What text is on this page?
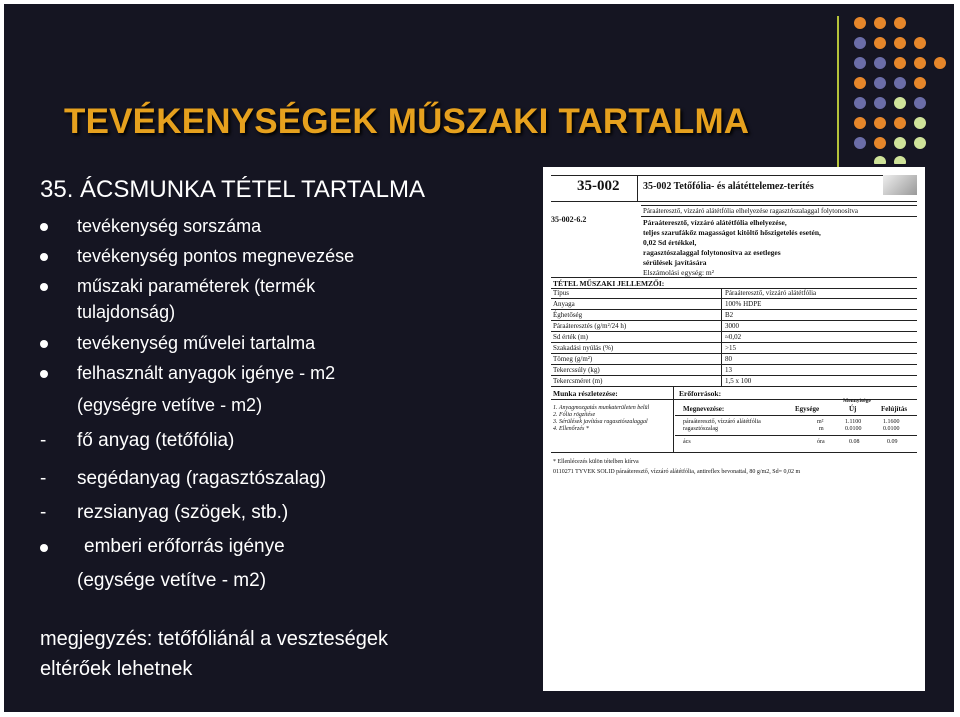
TEVÉKENYSÉGEK MŰSZAKI TARTALMA
35. ÁCSMUNKA TÉTEL TARTALMA
tevékenység sorszáma
tevékenység pontos megnevezése
műszaki paraméterek (termék
tulajdonság)
tevékenység művelei tartalma
felhasznált anyagok igénye - m2
(egységre vetítve - m2)
- fő anyag (tetőfólia)
- segédanyag (ragasztószalag)
- rezsianyag (szögek, stb.)
emberi erőforrás igénye
(egysége vetítve - m2)
megjegyzés: tetőfóliánál a veszteségek
eltérőek lehetnek
35-002 35-002 Tetőfólia- és alátéttelemez-terítés
35-002-6.2
Páraáteresztő, vízzáró alátétfólia elhelyezése ragasztószalaggal folytonosítva
Páraáteresztő, vízzáró alátétfólia elhelyezése,
teljes szarufákőz magasságot kitöltő hőszigetelés esetén,
0,02 Sd értékkel,
ragasztószalaggal folytonosítva az esetleges
sérülések javítására
Elszámolási egység: m²
TÉTEL MŰSZAKI JELLEMZŐI:
Típus	Páraáteresztő, vízzáró alátétfólia
Anyaga	100% HDPE
Éghetőség	B2
Páraáteresztés (g/m²/24 h)	3000
Sd érték (m)	≈0,02
Szakadási nyúlás (%)	>15
Tömeg (g/m²)	80
Tekercssúly (kg)	13
Tekercsméret (m)	1,5 x 100
Munka részletezése:	Erőforrások:
1. Anyagmozgatás munkaterületen belül
2. Fólia rögzítése
3. Sérülések javítása ragasztószalaggal
4. Ellenőrzés *
Megnevezése:	Egysége
Mennyisége
Új	Felújítás
páraáteresztő, vízzáró alátétfólia	m²	1.1100	1.1600
ragasztószalag	m	0.0100	0.0100
ács	óra	0.08	0.09
* Ellenlécezés külön tételben kiírva
0110271 TYVEK SOLID páraáteresztő, vízzáró alátétfólia, antireflex bevonattal, 80 g/m2, Sd= 0,02 m
